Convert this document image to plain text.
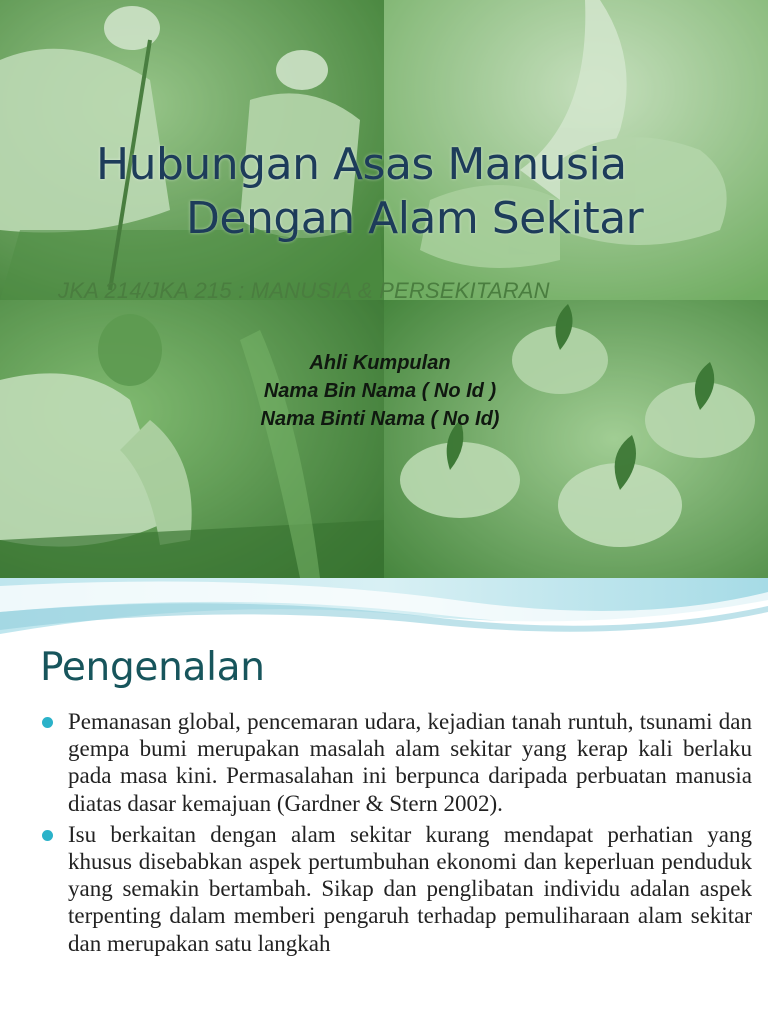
Hubungan Asas Manusia
Dengan Alam Sekitar
JKA 214/JKA 215 : MANUSIA & PERSEKITARAN
Ahli Kumpulan
Nama Bin Nama ( No Id )
Nama Binti Nama ( No Id)
Pengenalan
Pemanasan global, pencemaran udara, kejadian tanah runtuh, tsunami dan gempa bumi merupakan masalah alam sekitar yang kerap kali berlaku pada masa kini. Permasalahan ini berpunca daripada perbuatan manusia diatas dasar kemajuan (Gardner & Stern 2002).
Isu berkaitan dengan alam sekitar kurang mendapat perhatian yang khusus disebabkan aspek pertumbuhan ekonomi dan keperluan penduduk yang semakin bertambah. Sikap dan penglibatan individu adalan aspek terpenting dalam memberi pengaruh terhadap pemuliharaan alam sekitar dan merupakan satu langkah
